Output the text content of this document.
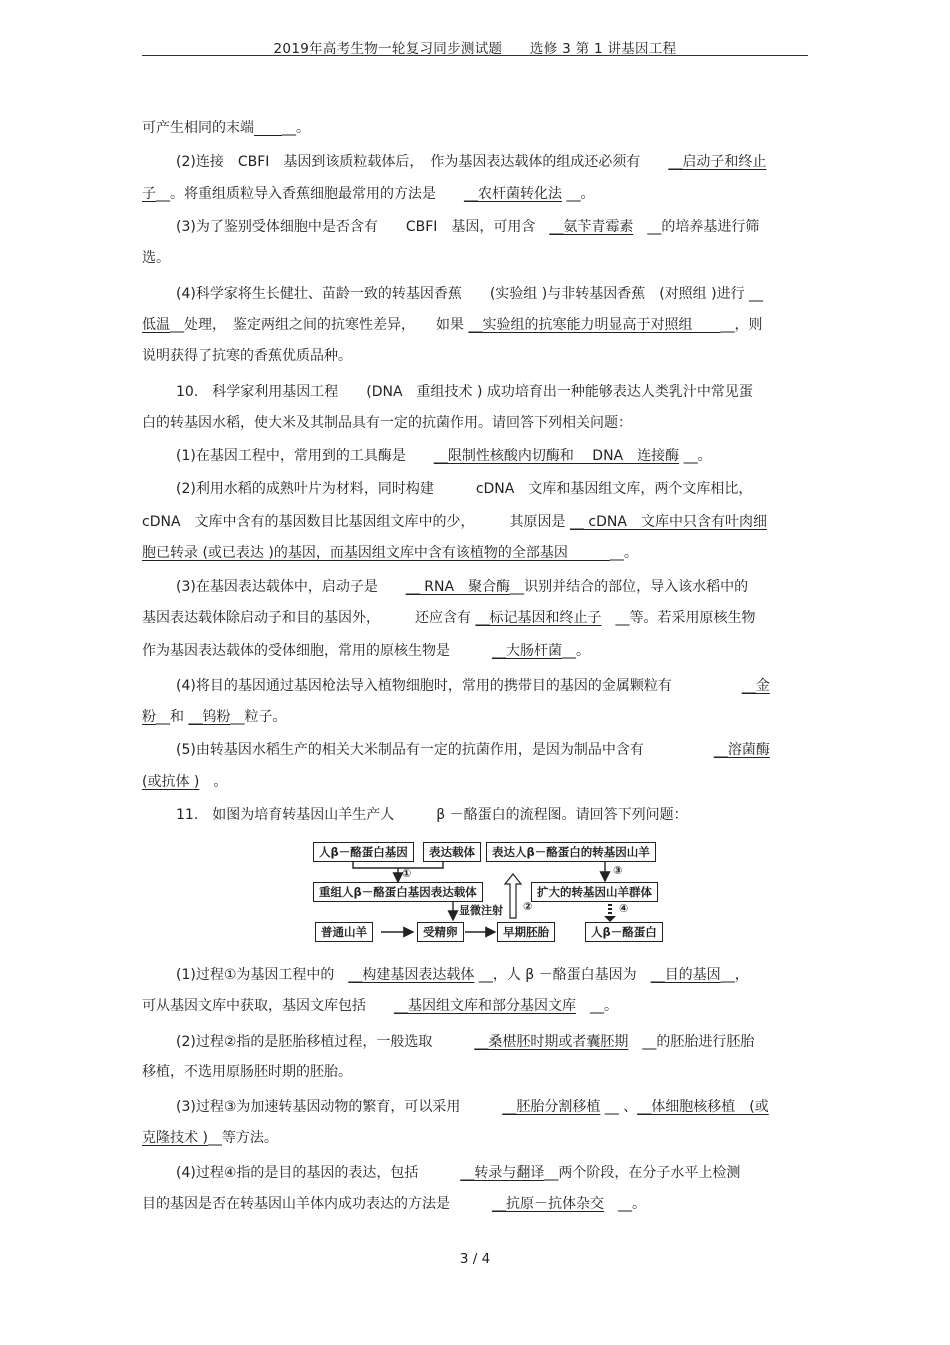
2019年高考生物一轮复习同步测试题　　选修 3 第 1 讲基因工程
可产生相同的末端　　 __。
(2)连接　CBFI　基因到该质粒载体后，　作为基因表达载体的组成还必须有　　__启动子和终止
子__。将重组质粒导入香蕉细胞最常用的方法是　　__农杆菌转化法 __。
(3)为了鉴别受体细胞中是否含有　　CBFI　基因，可用含　__氨苄青霉素　__的培养基进行筛
选。
(4)科学家将生长健壮、苗龄一致的转基因香蕉　　(实验组 )与非转基因香蕉　(对照组 )进行 __
低温__处理，　鉴定两组之间的抗寒性差异，　　如果 __实验组的抗寒能力明显高于对照组　　__，则
说明获得了抗寒的香蕉优质品种。
10.　科学家利用基因工程　　(DNA　重组技术 ) 成功培育出一种能够表达人类乳汁中常见蛋
白的转基因水稻，使大米及其制品具有一定的抗菌作用。请回答下列相关问题：
(1)在基因工程中，常用到的工具酶是　　__限制性核酸内切酶和　 DNA　连接酶 __。
(2)利用水稻的成熟叶片为材料，同时构建　　　cDNA　文库和基因组文库，两个文库相比，
cDNA　文库中含有的基因数目比基因组文库中的少，　　　其原因是 __ cDNA　文库中只含有叶肉细
胞已转录 (或已表达 )的基因，而基因组文库中含有该植物的全部基因　　　__。
(3)在基因表达载体中，启动子是　　__ RNA　聚合酶__识别并结合的部位，导入该水稻中的
基因表达载体除启动子和目的基因外，　　　还应含有 __标记基因和终止子　__等。若采用原核生物
作为基因表达载体的受体细胞，常用的原核生物是　　　__大肠杆菌__。
(4)将目的基因通过基因枪法导入植物细胞时，常用的携带目的基因的金属颗粒有　　　　　__金
粉__和 __钨粉__粒子。
(5)由转基因水稻生产的相关大米制品有一定的抗菌作用，是因为制品中含有　　　　　__溶菌酶
(或抗体 )　。
11.　如图为培育转基因山羊生产人　　　β －酪蛋白的流程图。请回答下列问题：
(1)过程①为基因工程中的　__构建基因表达载体 __，人 β －酪蛋白基因为　__目的基因__，
可从基因文库中获取，基因文库包括　　__基因组文库和部分基因文库　__。
(2)过程②指的是胚胎移植过程，一般选取　　　__桑椹胚时期或者囊胚期　__的胚胎进行胚胎
移植，不选用原肠胚时期的胚胎。
(3)过程③为加速转基因动物的繁育，可以采用　　　__胚胎分割移植 __ 、__体细胞核移植　(或
克隆技术 )__等方法。
(4)过程④指的是目的基因的表达，包括　　　__转录与翻译__两个阶段，在分子水平上检测
目的基因是否在转基因山羊体内成功表达的方法是　　　__抗原－抗体杂交　__。
人β－酪蛋白基因	表达载体	表达人β－酪蛋白的转基因山羊
重组人β－酪蛋白基因表达载体	扩大的转基因山羊群体
普通山羊	受精卵	早期胚胎	人β－酪蛋白
①
显微注射 ②
③
④
3 / 4
